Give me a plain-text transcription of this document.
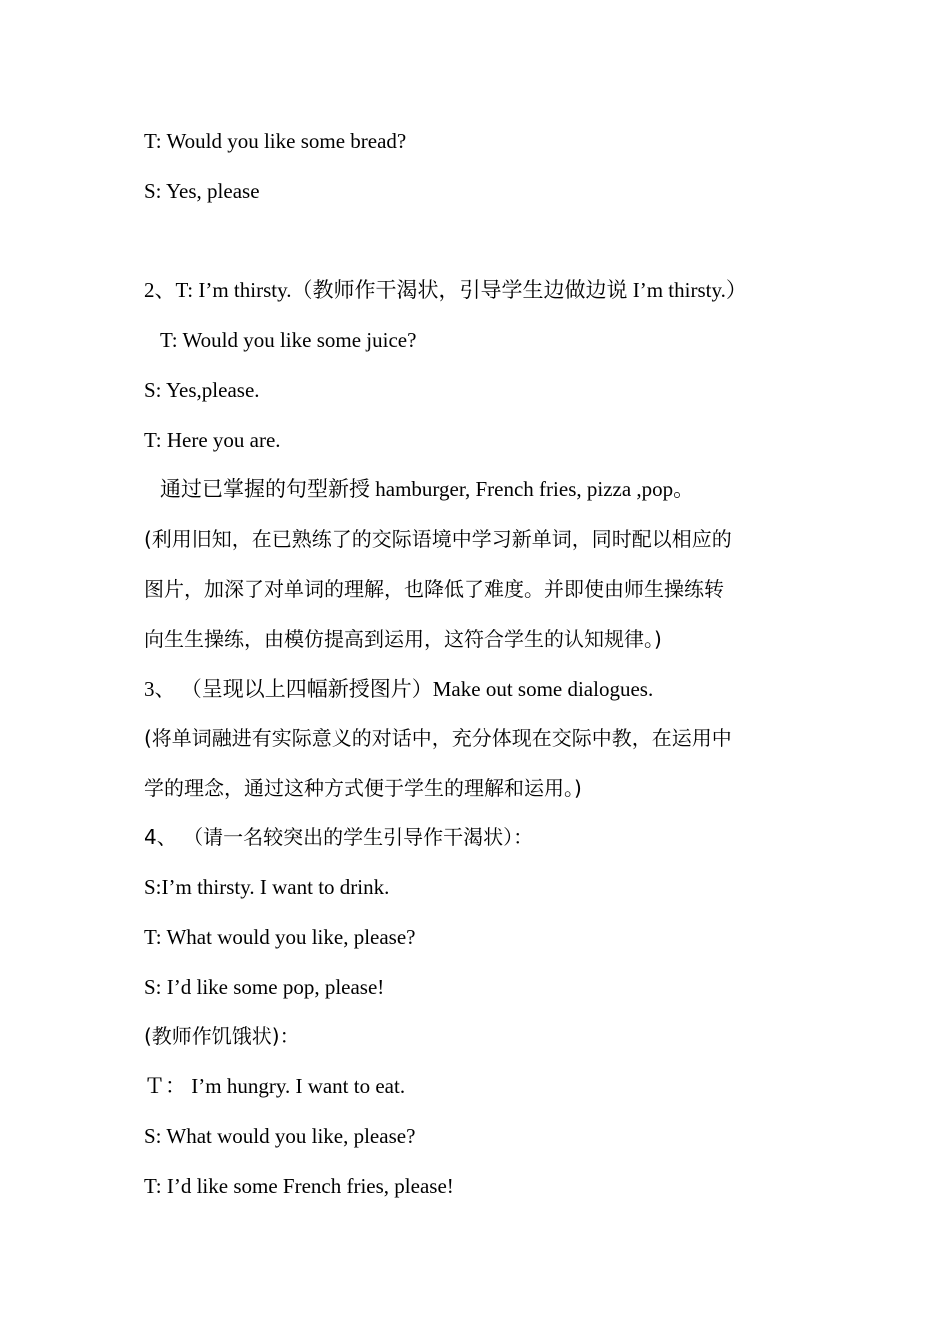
T: Would you like some bread?
S: Yes, please
2、T: I’m thirsty.（教师作干渴状，引导学生边做边说 I’m thirsty.）
T: Would you like some juice?
S: Yes,please.
T: Here you are.
通过已掌握的句型新授 hamburger, French fries, pizza ,pop。
(利用旧知，在已熟练了的交际语境中学习新单词，同时配以相应的
图片，加深了对单词的理解，也降低了难度。并即使由师生操练转
向生生操练，由模仿提高到运用，这符合学生的认知规律。)
3、 （呈现以上四幅新授图片）Make out some dialogues.
(将单词融进有实际意义的对话中，充分体现在交际中教，在运用中
学的理念，通过这种方式便于学生的理解和运用。)
4、 （请一名较突出的学生引导作干渴状）：
S:I’m thirsty. I want to drink.
T: What would you like, please?
S: I’d like some pop, please!
(教师作饥饿状)：
Ｔ： I’m hungry. I want to eat.
S: What would you like, please?
T: I’d like some French fries, please!
